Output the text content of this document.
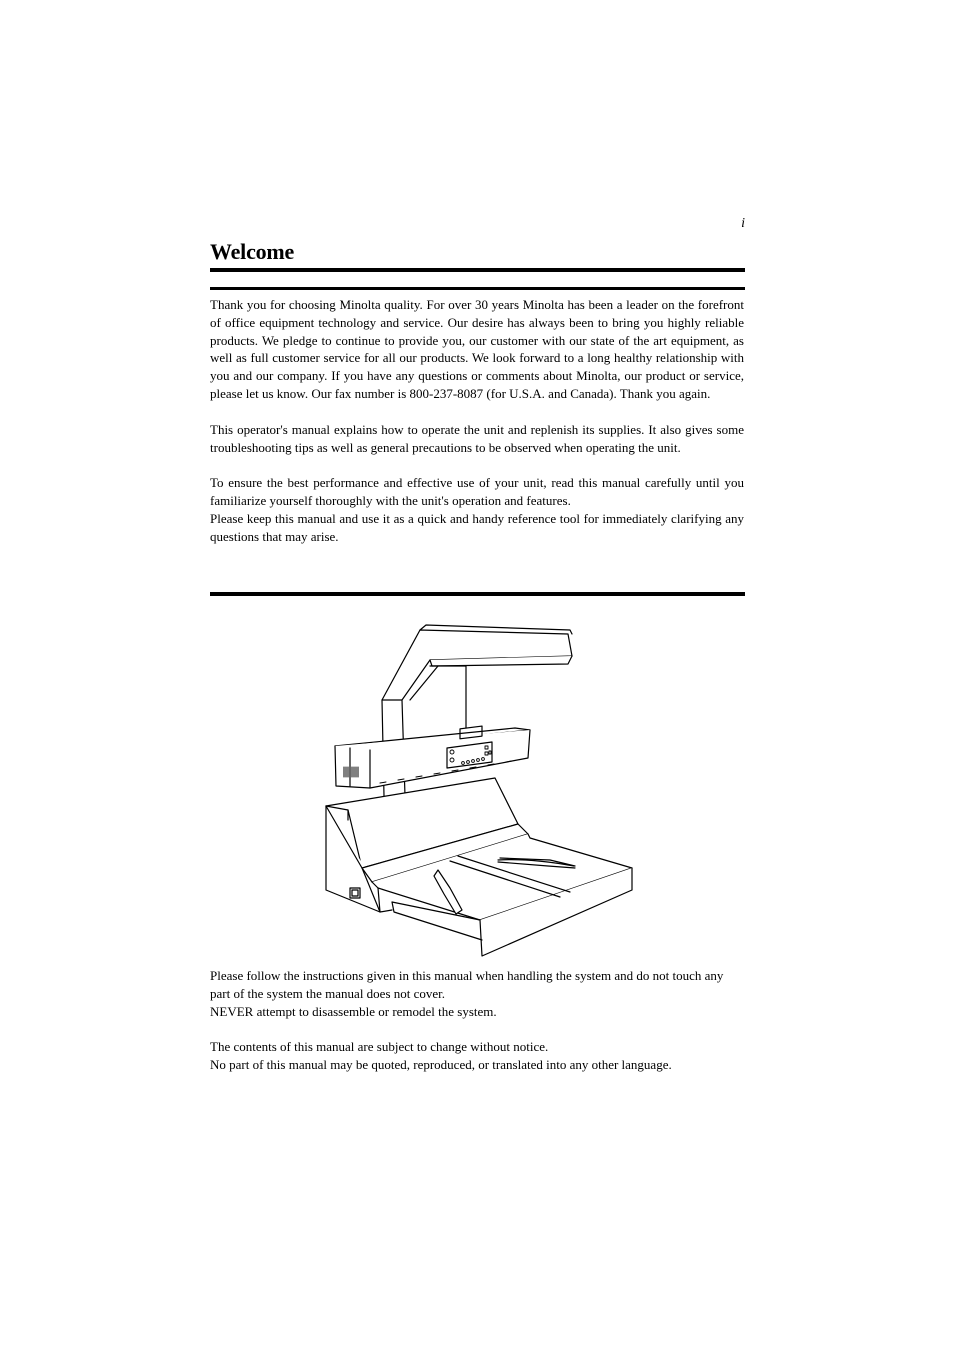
i
Welcome

Thank you for choosing Minolta quality. For over 30 years Minolta has been a leader on the forefront of office equipment technology and service. Our desire has always been to bring you highly reliable products. We pledge to continue to provide you, our customer with our state of the art equipment, as well as full customer service for all our products. We look forward to a long healthy relationship with you and our company. If you have any questions or comments about Minolta, our product or service, please let us know. Our fax number is 800-237-8087 (for U.S.A. and Canada). Thank you again.

This operator's manual explains how to operate the unit and replenish its supplies. It also gives some troubleshooting tips as well as general precautions to be observed when operating the unit.

To ensure the best performance and effective use of your unit, read this manual carefully until you familiarize yourself thoroughly with the unit's operation and features.

Please keep this manual and use it as a quick and handy reference tool for immediately clarifying any questions that may arise.

Please follow the instructions given in this manual when handling the system and do not touch any part of the system the manual does not cover.

NEVER attempt to disassemble or remodel the system.

The contents of this manual are subject to change without notice.

No part of this manual may be quoted, reproduced, or translated into any other language.
